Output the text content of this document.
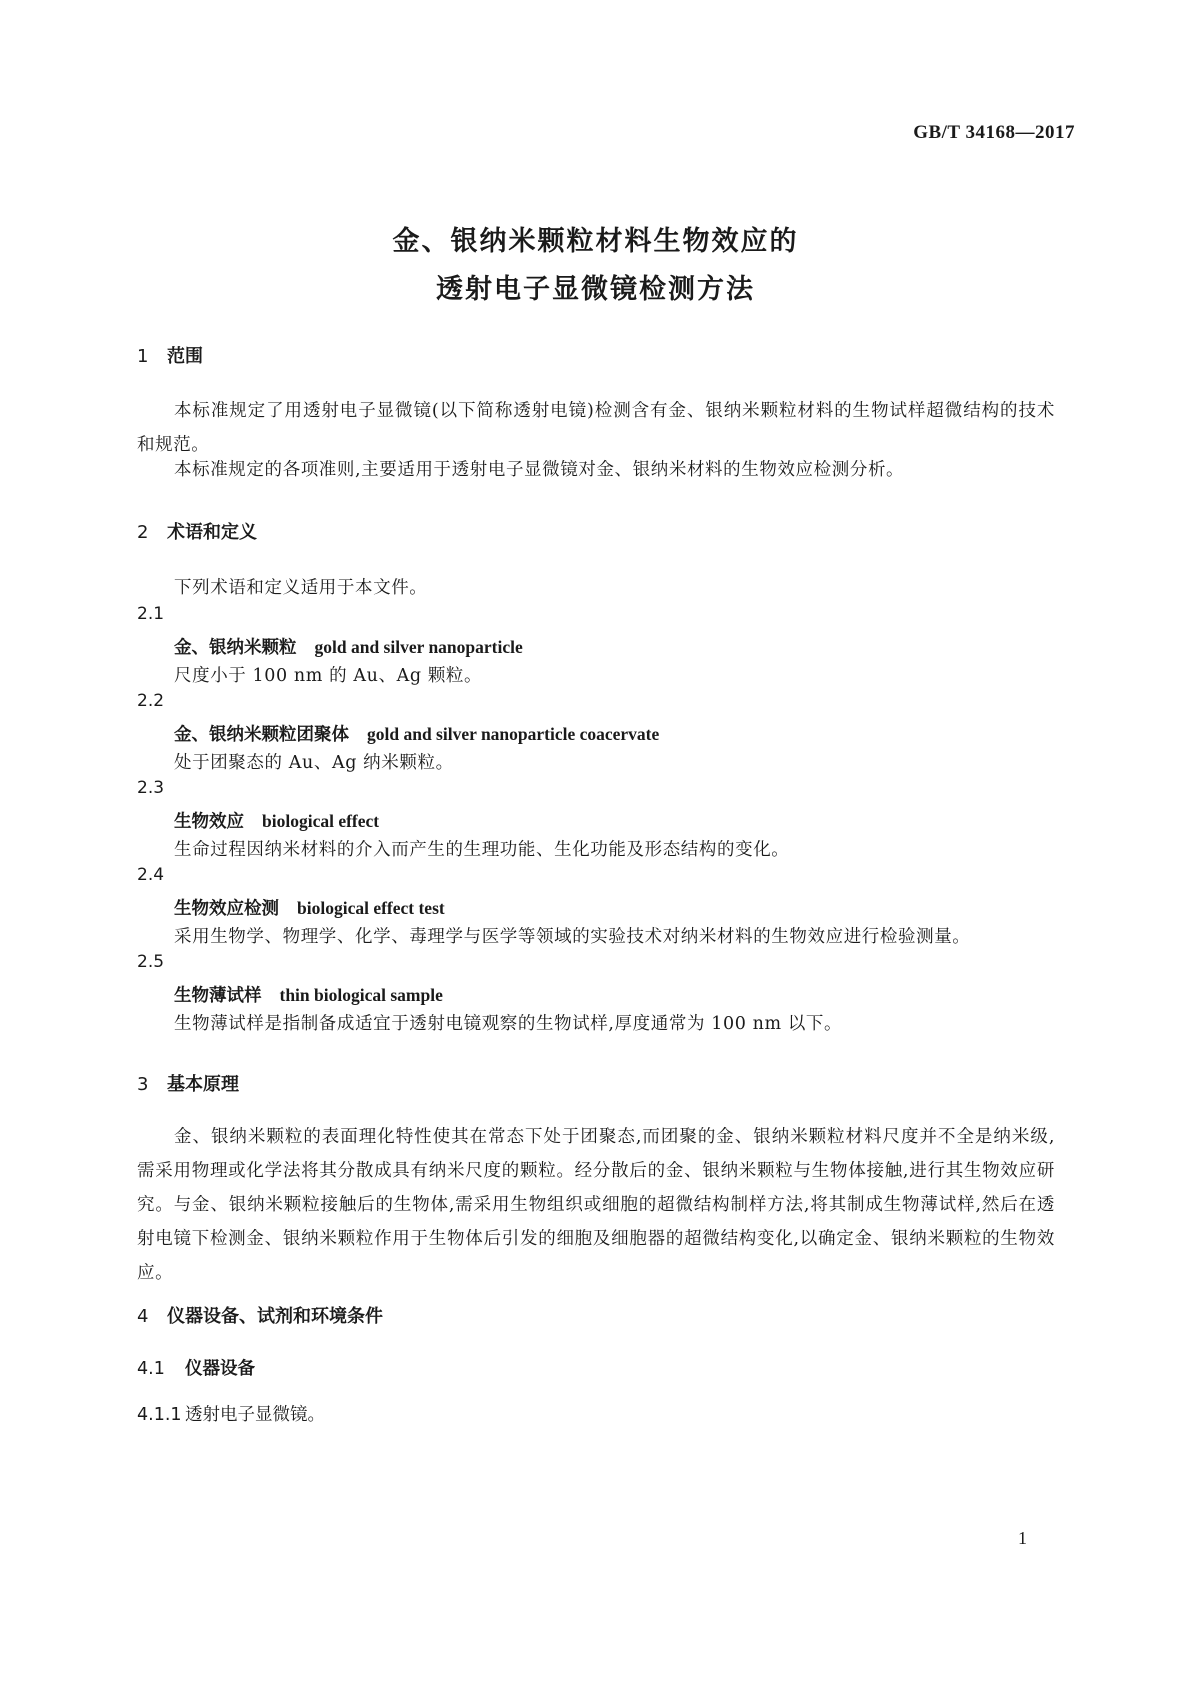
GB/T 34168—2017
金、银纳米颗粒材料生物效应的
透射电子显微镜检测方法
1 范围
本标准规定了用透射电子显微镜(以下简称透射电镜)检测含有金、银纳米颗粒材料的生物试样超微结构的技术和规范。
本标准规定的各项准则,主要适用于透射电子显微镜对金、银纳米材料的生物效应检测分析。
2 术语和定义
下列术语和定义适用于本文件。
2.1
金、银纳米颗粒 gold and silver nanoparticle
尺度小于 100 nm 的 Au、Ag 颗粒。
2.2
金、银纳米颗粒团聚体 gold and silver nanoparticle coacervate
处于团聚态的 Au、Ag 纳米颗粒。
2.3
生物效应 biological effect
生命过程因纳米材料的介入而产生的生理功能、生化功能及形态结构的变化。
2.4
生物效应检测 biological effect test
采用生物学、物理学、化学、毒理学与医学等领域的实验技术对纳米材料的生物效应进行检验测量。
2.5
生物薄试样 thin biological sample
生物薄试样是指制备成适宜于透射电镜观察的生物试样,厚度通常为 100 nm 以下。
3 基本原理
金、银纳米颗粒的表面理化特性使其在常态下处于团聚态,而团聚的金、银纳米颗粒材料尺度并不全是纳米级,需采用物理或化学法将其分散成具有纳米尺度的颗粒。经分散后的金、银纳米颗粒与生物体接触,进行其生物效应研究。与金、银纳米颗粒接触后的生物体,需采用生物组织或细胞的超微结构制样方法,将其制成生物薄试样,然后在透射电镜下检测金、银纳米颗粒作用于生物体后引发的细胞及细胞器的超微结构变化,以确定金、银纳米颗粒的生物效应。
4 仪器设备、试剂和环境条件
4.1 仪器设备
4.1.1 透射电子显微镜。
1
